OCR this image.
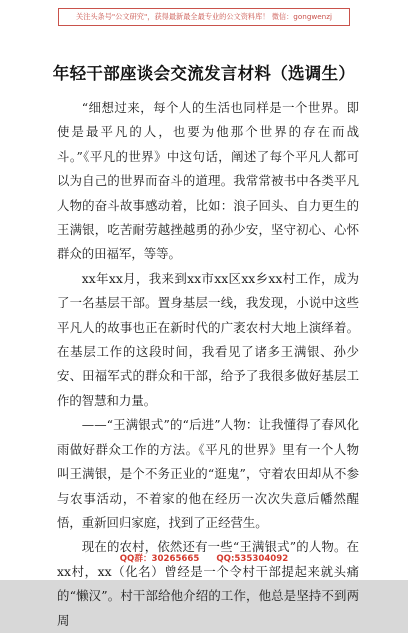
关注头条号"公文研究"，获得最新最全最专业的公文资料库！ 微信：gongwenzj
年轻干部座谈会交流发言材料（选调生）

“细想过来，每个人的生活也同样是一个世界。即使是最平凡的人，也要为他那个世界的存在而战斗。”《平凡的世界》中这句话，阐述了每个平凡人都可以为自己的世界而奋斗的道理。我常常被书中各类平凡人物的奋斗故事感动着，比如：浪子回头、自力更生的王满银，吃苦耐劳越挫越勇的孙少安，坚守初心、心怀群众的田福军，等等。

xx年xx月，我来到xx市xx区xx乡xx村工作，成为了一名基层干部。置身基层一线，我发现，小说中这些平凡人的故事也正在新时代的广袤农村大地上演绎着。在基层工作的这段时间，我看见了诸多王满银、孙少安、田福军式的群众和干部，给予了我很多做好基层工作的智慧和力量。

——“王满银式”的“后进”人物：让我懂得了春风化雨做好群众工作的方法。《平凡的世界》里有一个人物叫王满银，是个不务正业的“逛鬼”，守着农田却从不参与农事活动，不着家的他在经历一次次失意后幡然醒悟，重新回归家庭，找到了正经营生。

现在的农村，依然还有一些“王满银式”的人物。在xx村，xx（化名）曾经是一个令村干部提起来就头痛的“懒汉”。村干部给他介绍的工作，他总是坚持不到两周

QQ群：30265665 QQ:535304092
